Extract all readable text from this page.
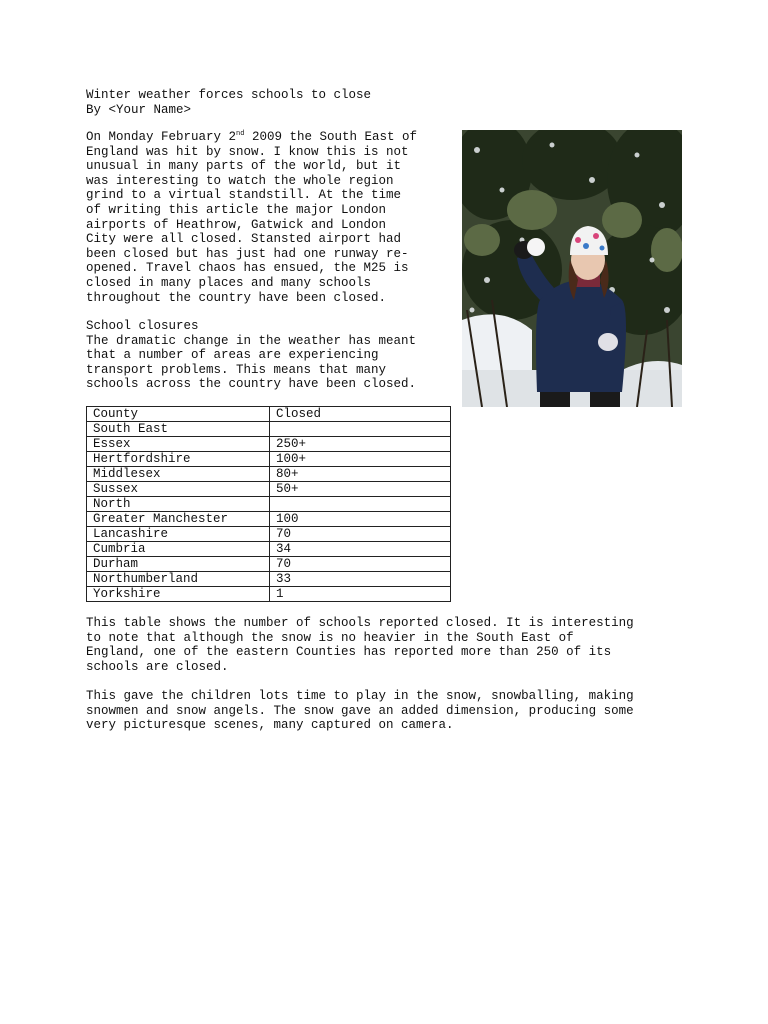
Winter weather forces schools to close
By <Your Name>
On Monday February 2nd 2009 the South East of
England was hit by snow. I know this is not
unusual in many parts of the world, but it
was interesting to watch the whole region
grind to a virtual standstill. At the time
of writing this article the major London
airports of Heathrow, Gatwick and London
City were all closed. Stansted airport had
been closed but has just had one runway re-
opened. Travel chaos has ensued, the M25 is
closed in many places and many schools
throughout the country have been closed.
School closures
The dramatic change in the weather has meant
that a number of areas are experiencing
transport problems. This means that many
schools across the country have been closed.
County	Closed
South East	
Essex	250+
Hertfordshire	100+
Middlesex	80+
Sussex	50+
North	
Greater Manchester	100
Lancashire	70
Cumbria	34
Durham	70
Northumberland	33
Yorkshire	1
This table shows the number of schools reported closed. It is interesting
to note that although the snow is no heavier in the South East of
England, one of the eastern Counties has reported more than 250 of its
schools are closed.
This gave the children lots time to play in the snow, snowballing, making
snowmen and snow angels. The snow gave an added dimension, producing some
very picturesque scenes, many captured on camera.
